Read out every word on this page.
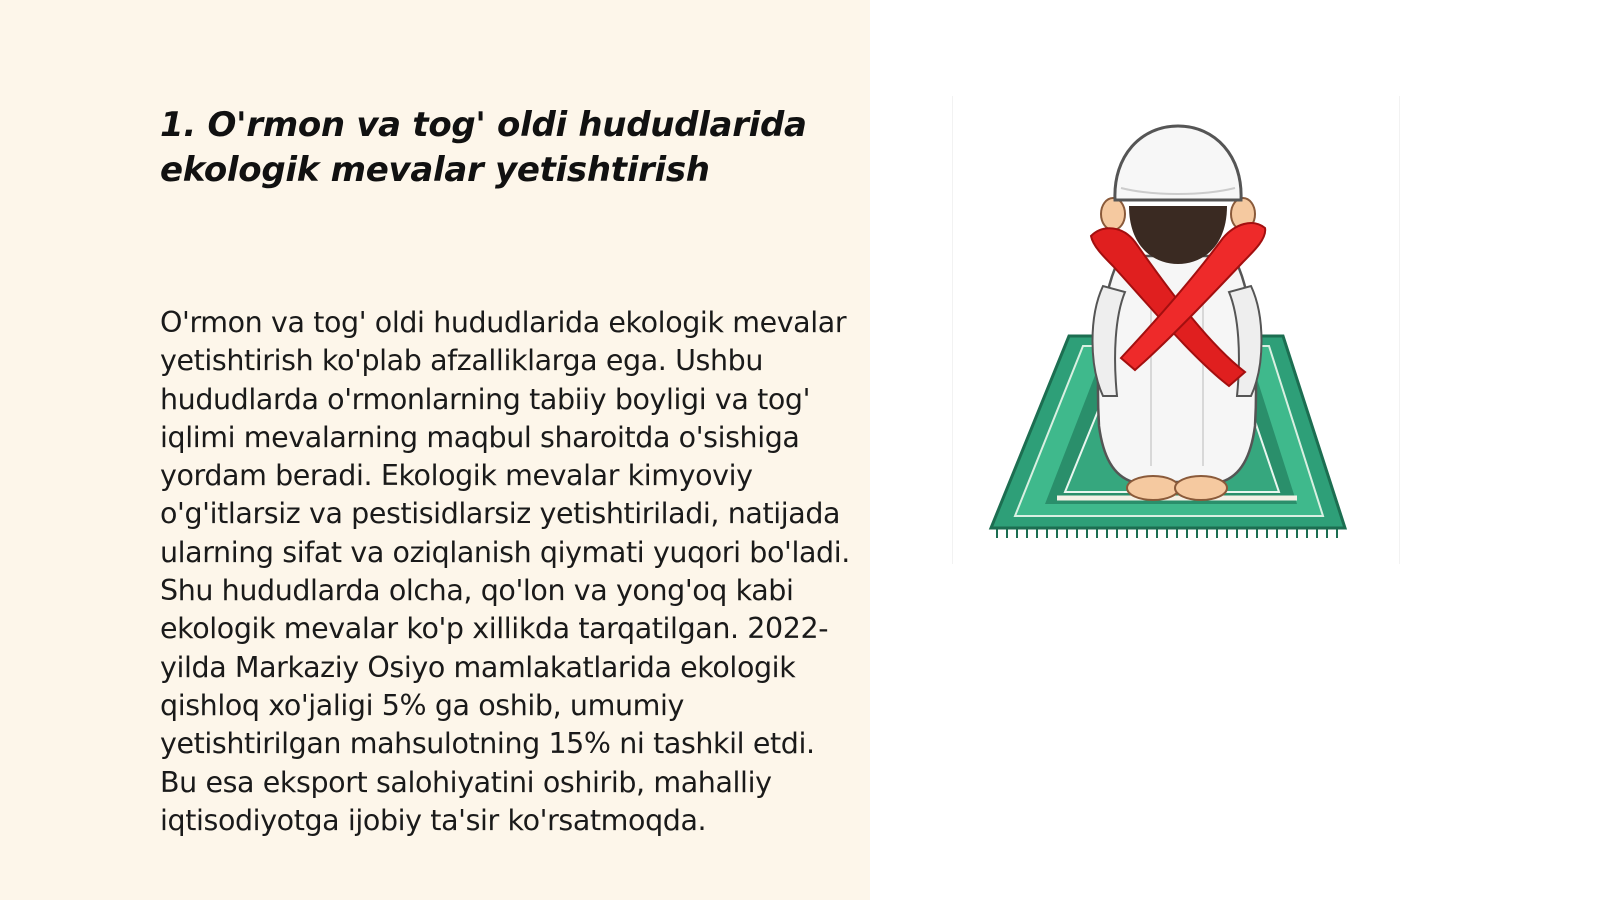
1. O'rmon va tog' oldi hududlarida ekologik mevalar yetishtirish

O'rmon va tog' oldi hududlarida ekologik mevalar yetishtirish ko'plab afzalliklarga ega. Ushbu hududlarda o'rmonlarning tabiiy boyligi va tog' iqlimi mevalarning maqbul sharoitda o'sishiga yordam beradi. Ekologik mevalar kimyoviy o'g'itlarsiz va pestisidlarsiz yetishtiriladi, natijada ularning sifat va oziqlanish qiymati yuqori bo'ladi. Shu hududlarda olcha, qo'lon va yong'oq kabi ekologik mevalar ko'p xillikda tarqatilgan. 2022-yilda Markaziy Osiyo mamlakatlarida ekologik qishloq xo'jaligi 5% ga oshib, umumiy yetishtirilgan mahsulotning 15% ni tashkil etdi. Bu esa eksport salohiyatini oshirib, mahalliy iqtisodiyotga ijobiy ta'sir ko'rsatmoqda.
